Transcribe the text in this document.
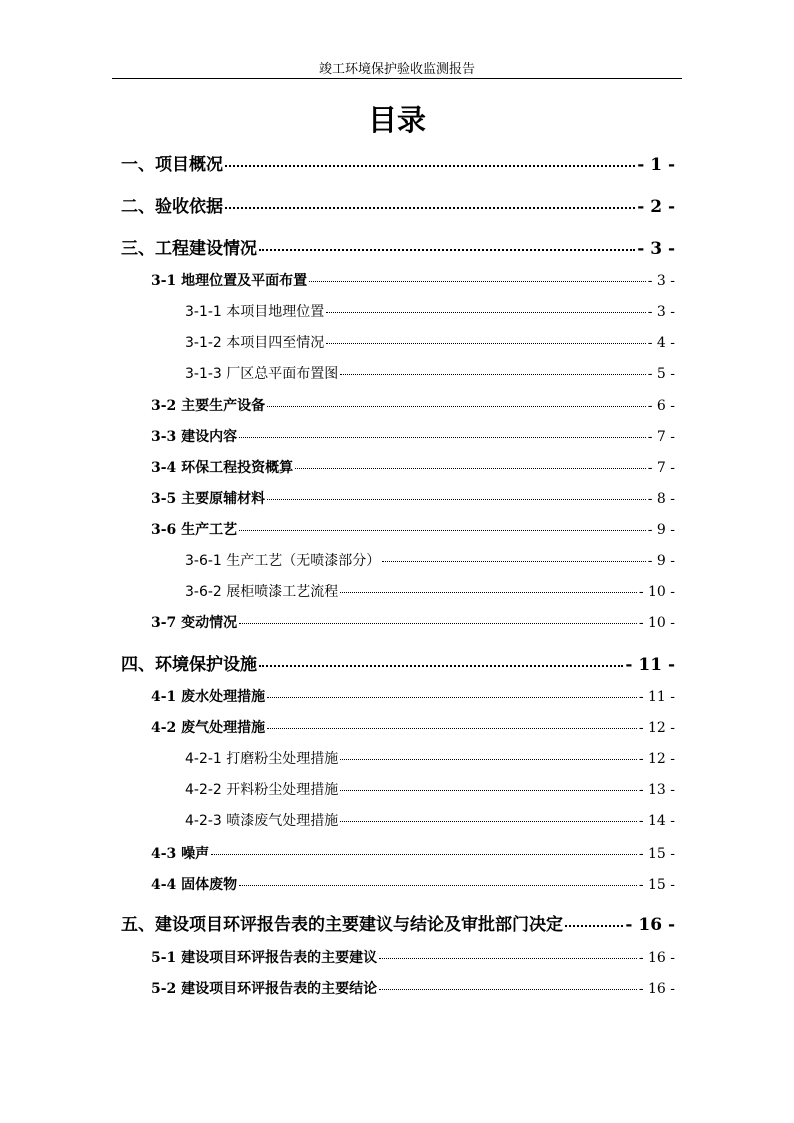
竣工环境保护验收监测报告
目录
一、项目概况	- 1 -
二、验收依据	- 2 -
三、工程建设情况	- 3 -
3-1 地理位置及平面布置	- 3 -
3-1-1 本项目地理位置	- 3 -
3-1-2 本项目四至情况	- 4 -
3-1-3 厂区总平面布置图	- 5 -
3-2 主要生产设备	- 6 -
3-3 建设内容	- 7 -
3-4 环保工程投资概算	- 7 -
3-5 主要原辅材料	- 8 -
3-6 生产工艺	- 9 -
3-6-1 生产工艺（无喷漆部分）	- 9 -
3-6-2 展柜喷漆工艺流程	- 10 -
3-7 变动情况	- 10 -
四、环境保护设施	- 11 -
4-1 废水处理措施	- 11 -
4-2 废气处理措施	- 12 -
4-2-1 打磨粉尘处理措施	- 12 -
4-2-2 开料粉尘处理措施	- 13 -
4-2-3 喷漆废气处理措施	- 14 -
4-3 噪声	- 15 -
4-4 固体废物	- 15 -
五、建设项目环评报告表的主要建议与结论及审批部门决定	- 16 -
5-1 建设项目环评报告表的主要建议	- 16 -
5-2 建设项目环评报告表的主要结论	- 16 -
